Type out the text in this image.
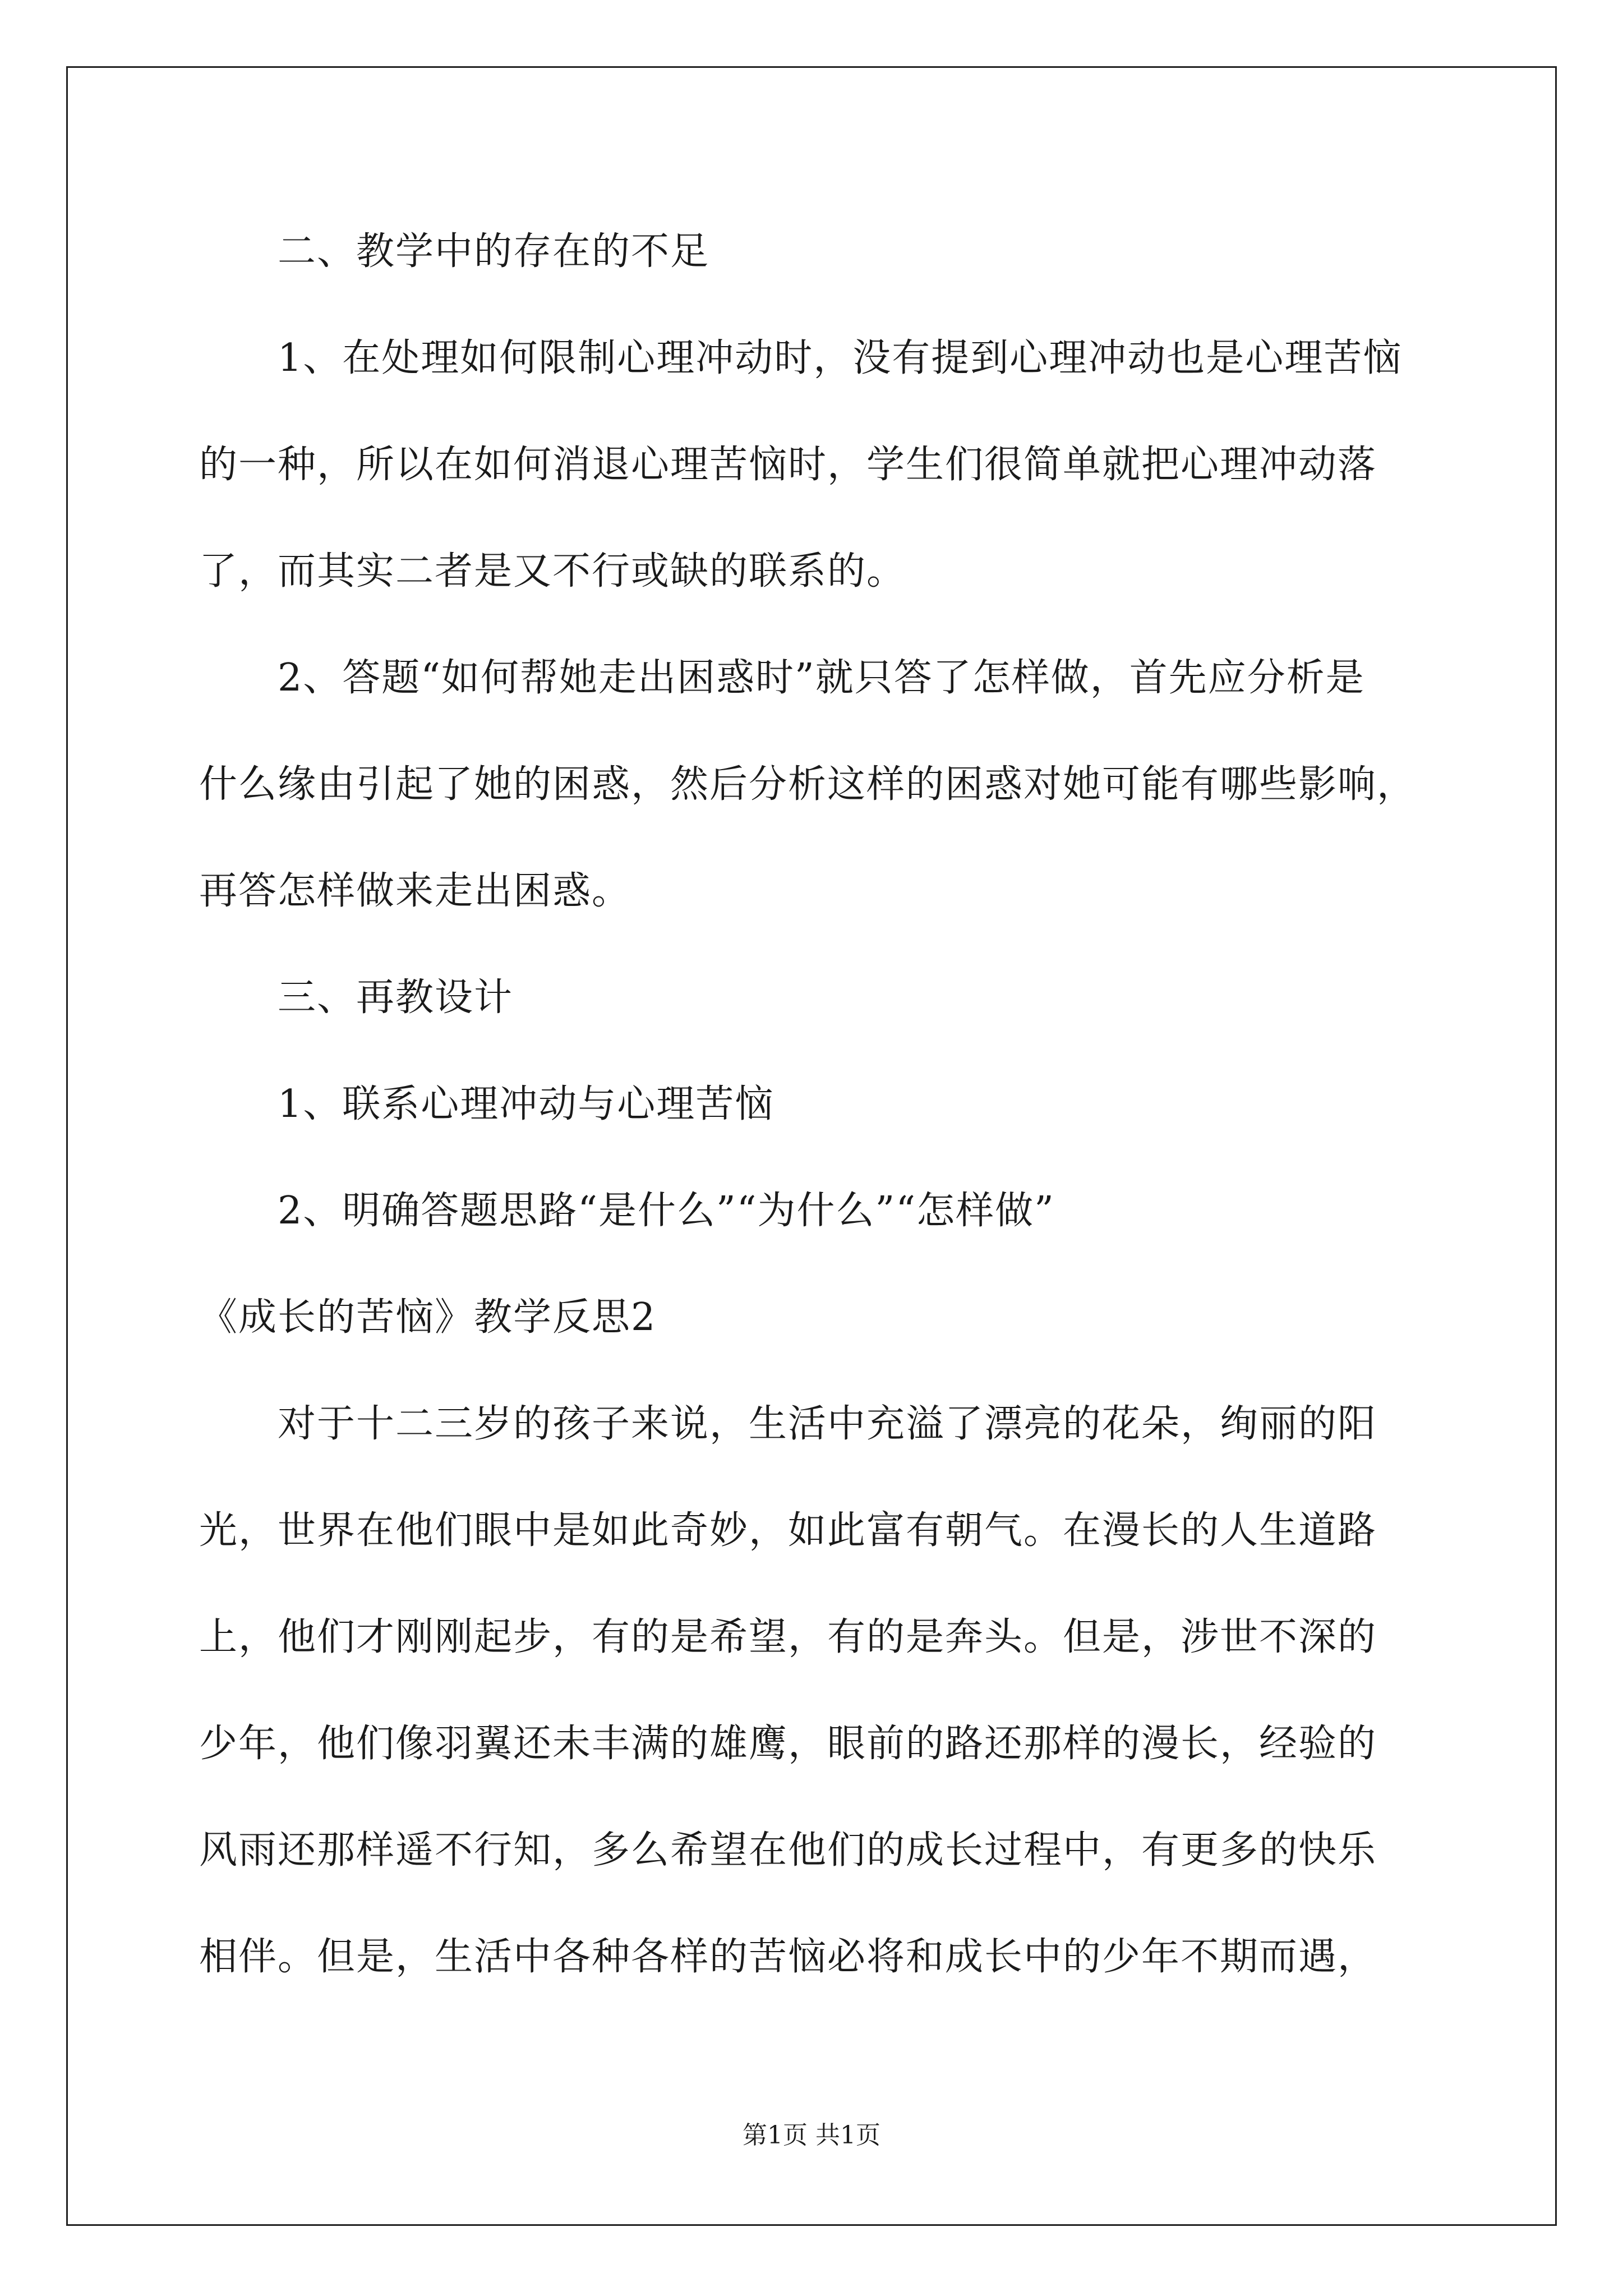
二、教学中的存在的不足
1、在处理如何限制心理冲动时，没有提到心理冲动也是心理苦恼
的一种，所以在如何消退心理苦恼时，学生们很简单就把心理冲动落
了，而其实二者是又不行或缺的联系的。
2、答题“如何帮她走出困惑时”就只答了怎样做，首先应分析是
什么缘由引起了她的困惑，然后分析这样的困惑对她可能有哪些影响，
再答怎样做来走出困惑。
三、再教设计
1、联系心理冲动与心理苦恼
2、明确答题思路“是什么”“为什么”“怎样做”
《成长的苦恼》教学反思2
对于十二三岁的孩子来说，生活中充溢了漂亮的花朵，绚丽的阳
光，世界在他们眼中是如此奇妙，如此富有朝气。在漫长的人生道路
上，他们才刚刚起步，有的是希望，有的是奔头。但是，涉世不深的
少年，他们像羽翼还未丰满的雄鹰，眼前的路还那样的漫长，经验的
风雨还那样遥不行知，多么希望在他们的成长过程中，有更多的快乐
相伴。但是，生活中各种各样的苦恼必将和成长中的少年不期而遇，
第1页 共1页
